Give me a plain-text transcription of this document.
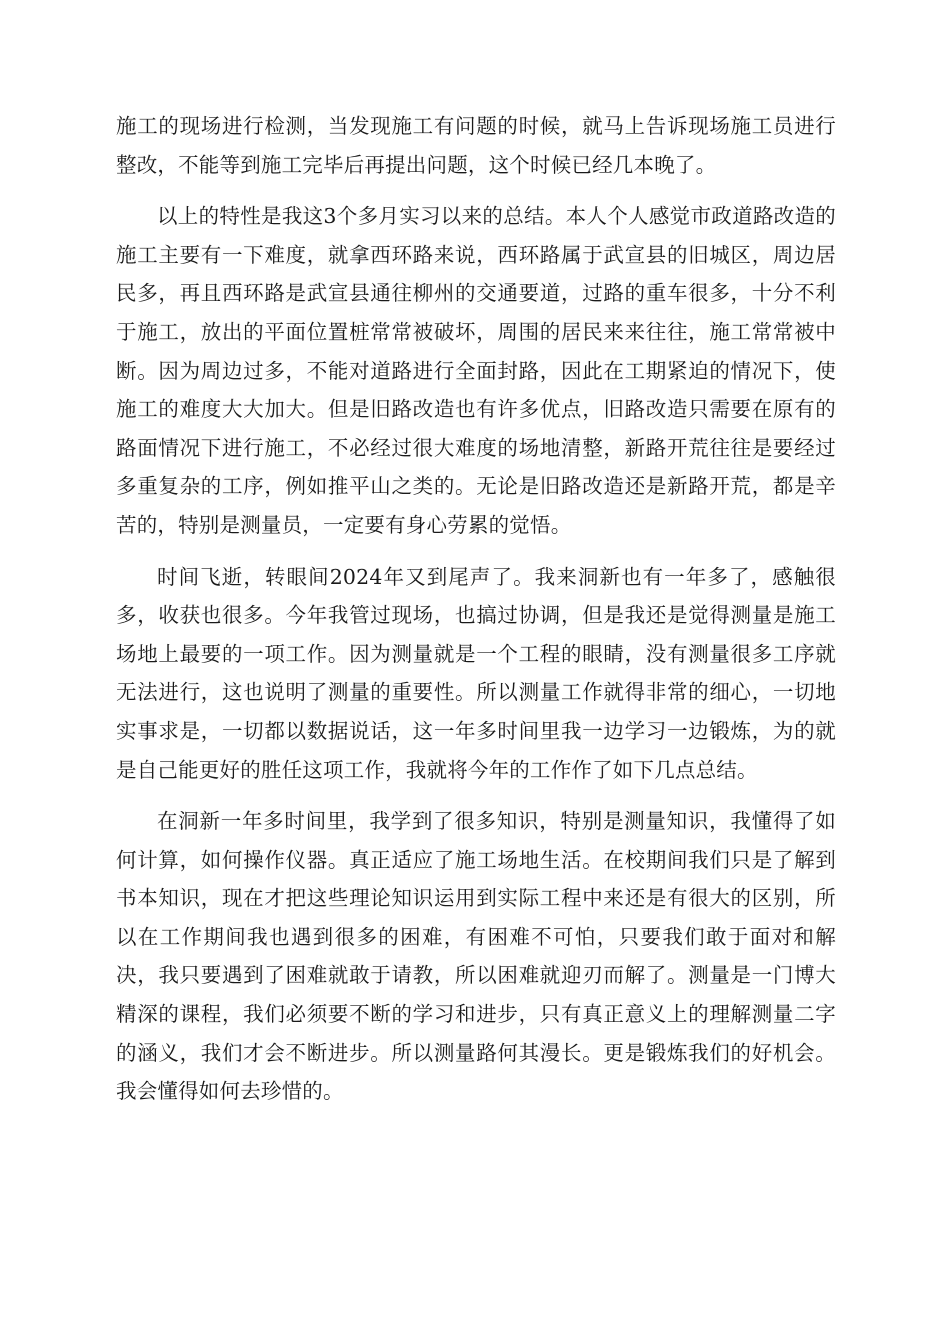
施工的现场进行检测，当发现施工有问题的时候，就马上告诉现场施工员进行整改，不能等到施工完毕后再提出问题，这个时候已经几本晚了。

以上的特性是我这3个多月实习以来的总结。本人个人感觉市政道路改造的施工主要有一下难度，就拿西环路来说，西环路属于武宣县的旧城区，周边居民多，再且西环路是武宣县通往柳州的交通要道，过路的重车很多，十分不利于施工，放出的平面位置桩常常被破坏，周围的居民来来往往，施工常常被中断。因为周边过多，不能对道路进行全面封路，因此在工期紧迫的情况下，使施工的难度大大加大。但是旧路改造也有许多优点，旧路改造只需要在原有的路面情况下进行施工，不必经过很大难度的场地清整，新路开荒往往是要经过多重复杂的工序，例如推平山之类的。无论是旧路改造还是新路开荒，都是辛苦的，特别是测量员，一定要有身心劳累的觉悟。

时间飞逝，转眼间2024年又到尾声了。我来洞新也有一年多了，感触很多，收获也很多。今年我管过现场，也搞过协调，但是我还是觉得测量是施工场地上最要的一项工作。因为测量就是一个工程的眼睛，没有测量很多工序就无法进行，这也说明了测量的重要性。所以测量工作就得非常的细心，一切地实事求是，一切都以数据说话，这一年多时间里我一边学习一边锻炼，为的就是自己能更好的胜任这项工作，我就将今年的工作作了如下几点总结。

在洞新一年多时间里，我学到了很多知识，特别是测量知识，我懂得了如何计算，如何操作仪器。真正适应了施工场地生活。在校期间我们只是了解到书本知识，现在才把这些理论知识运用到实际工程中来还是有很大的区别，所以在工作期间我也遇到很多的困难，有困难不可怕，只要我们敢于面对和解决，我只要遇到了困难就敢于请教，所以困难就迎刃而解了。测量是一门博大精深的课程，我们必须要不断的学习和进步，只有真正意义上的理解测量二字的涵义，我们才会不断进步。所以测量路何其漫长。更是锻炼我们的好机会。我会懂得如何去珍惜的。
